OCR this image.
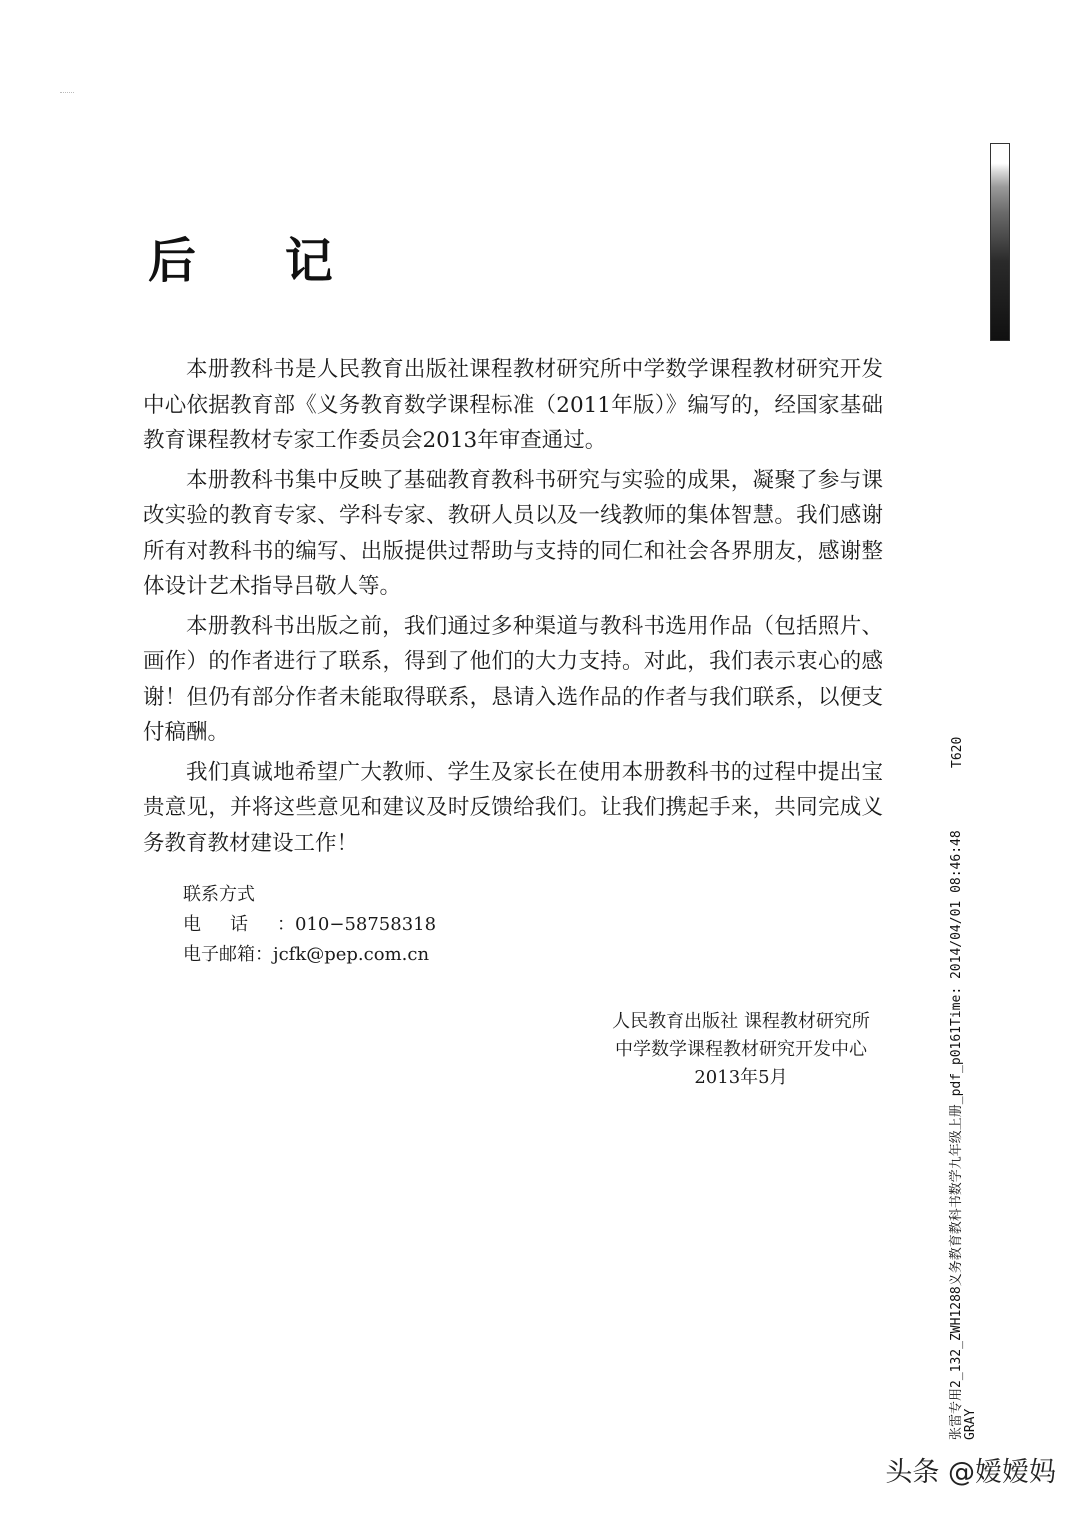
后 记

本册教科书是人民教育出版社课程教材研究所中学数学课程教材研究开发中心依据教育部《义务教育数学课程标准（2011年版）》编写的，经国家基础教育课程教材专家工作委员会2013年审查通过。

本册教科书集中反映了基础教育教科书研究与实验的成果，凝聚了参与课改实验的教育专家、学科专家、教研人员以及一线教师的集体智慧。我们感谢所有对教科书的编写、出版提供过帮助与支持的同仁和社会各界朋友，感谢整体设计艺术指导吕敬人等。

本册教科书出版之前，我们通过多种渠道与教科书选用作品（包括照片、画作）的作者进行了联系，得到了他们的大力支持。对此，我们表示衷心的感谢！但仍有部分作者未能取得联系，恳请入选作品的作者与我们联系，以便支付稿酬。

我们真诚地希望广大教师、学生及家长在使用本册教科书的过程中提出宝贵意见，并将这些意见和建议及时反馈给我们。让我们携起手来，共同完成义务教育教材建设工作！

联系方式
电话 ：010−58758318
电子邮箱 ：jcfk@pep.com.cn
人民教育出版社 课程教材研究所
中学数学课程教材研究开发中心
2013年5月
T620
张雷专用2_132_ZWH1288义务教育教科书数学九年级上册_pdf_p0161Time: 2014/04/01 08:46:48 GRAY
头条 @嫒嫒妈
